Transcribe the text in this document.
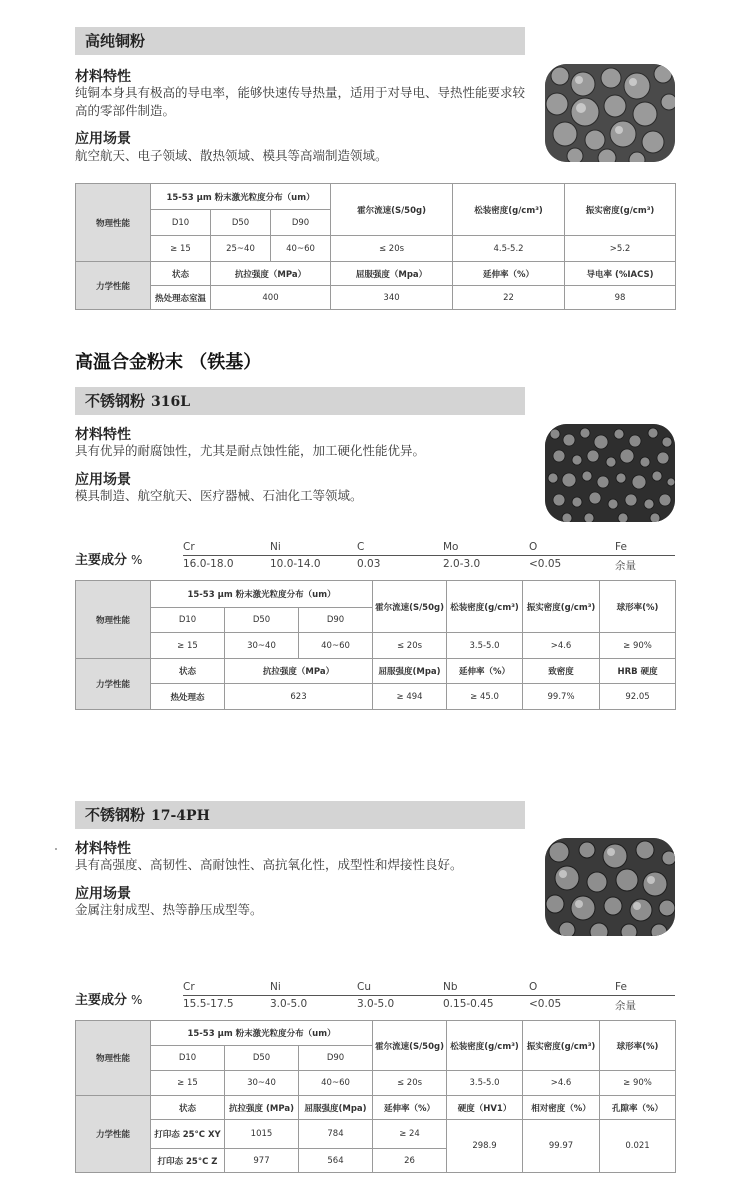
高纯铜粉
材料特性
纯铜本身具有极高的导电率，能够快速传导热量，适用于对导电、导热性能要求较高的零部件制造。
应用场景
航空航天、电子领域、散热领域、模具等高端制造领域。
物理性能	15-53 μm 粉末激光粒度分布（um）			霍尔流速(S/50g)	松装密度(g/cm³)	振实密度(g/cm³)
	D10	D50	D90			
	≥ 15	25~40	40~60	≤ 20s	4.5-5.2	>5.2
力学性能	状态	抗拉强度（MPa）		屈服强度（Mpa）	延伸率（%）	导电率 (%IACS)
	热处理态室温	400		340	22	98
高温合金粉末 （铁基）
不锈钢粉 316L
材料特性
具有优异的耐腐蚀性，尤其是耐点蚀性能，加工硬化性能优异。
应用场景
模具制造、航空航天、医疗器械、石油化工等领域。
主要成分 %
Cr	Ni	C	Mo	O	Fe
16.0-18.0	10.0-14.0	0.03	2.0-3.0	<0.05	余量
物理性能	15-53 μm 粉末激光粒度分布（um）			霍尔流速(S/50g)	松装密度(g/cm³)	振实密度(g/cm³)	球形率(%)
	D10	D50	D90				
	≥ 15	30~40	40~60	≤ 20s	3.5-5.0	>4.6	≥ 90%
力学性能	状态	抗拉强度（MPa）		屈服强度(Mpa)	延伸率（%）	致密度	HRB 硬度
	热处理态	623		≥ 494	≥ 45.0	99.7%	92.05
不锈钢粉 17-4PH
材料特性
具有高强度、高韧性、高耐蚀性、高抗氧化性，成型性和焊接性良好。
应用场景
金属注射成型、热等静压成型等。
主要成分 %
Cr	Ni	Cu	Nb	O	Fe
15.5-17.5	3.0-5.0	3.0-5.0	0.15-0.45	<0.05	余量
物理性能	15-53 μm 粉末激光粒度分布（um）			霍尔流速(S/50g)	松装密度(g/cm³)	振实密度(g/cm³)	球形率(%)
	D10	D50	D90				
	≥ 15	30~40	40~60	≤ 20s	3.5-5.0	>4.6	≥ 90%
力学性能	状态	抗拉强度 (MPa)	屈服强度(Mpa)	延伸率（%）	硬度（HV1）	相对密度（%）	孔隙率（%）
	打印态 25°C XY	1015	784	≥ 24	298.9	99.97	0.021
	打印态 25°C Z	977	564	26			
